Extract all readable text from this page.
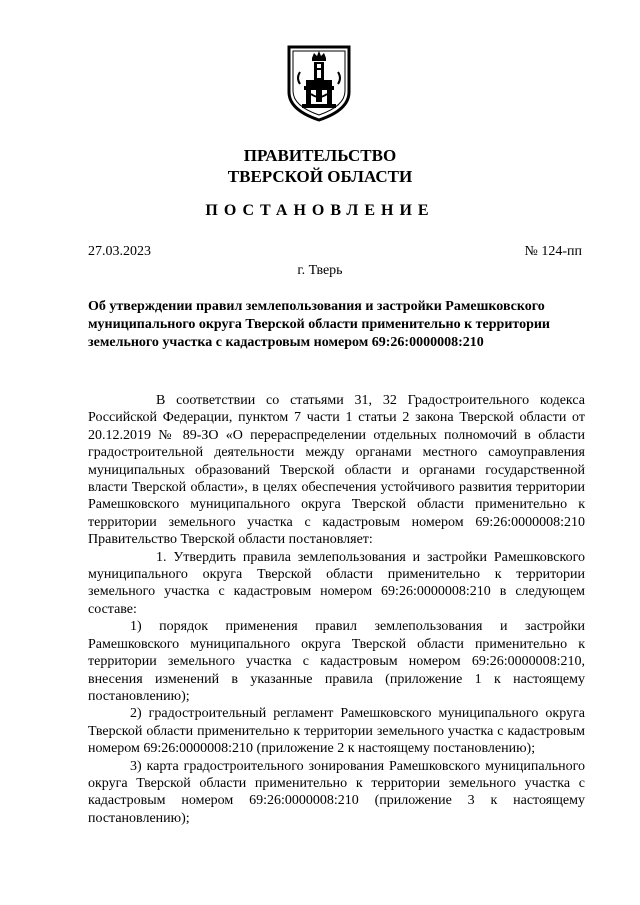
ПРАВИТЕЛЬСТВО
ТВЕРСКОЙ ОБЛАСТИ
ПОСТАНОВЛЕНИЕ
27.03.2023	№ 124-пп
г. Тверь
Об утверждении правил землепользования и застройки Рамешковского муниципального округа Тверской области применительно к территории земельного участка с кадастровым номером 69:26:0000008:210

В соответствии со статьями 31, 32 Градостроительного кодекса Российской Федерации, пунктом 7 части 1 статьи 2 закона Тверской области от 20.12.2019 № 89-ЗО «О перераспределении отдельных полномочий в области градостроительной деятельности между органами местного самоуправления муниципальных образований Тверской области и органами государственной власти Тверской области», в целях обеспечения устойчивого развития территории Рамешковского муниципального округа Тверской области применительно к территории земельного участка с кадастровым номером 69:26:0000008:210 Правительство Тверской области постановляет:

1. Утвердить правила землепользования и застройки Рамешковского муниципального округа Тверской области применительно к территории земельного участка с кадастровым номером 69:26:0000008:210 в следующем составе:

1) порядок применения правил землепользования и застройки Рамешковского муниципального округа Тверской области применительно к территории земельного участка с кадастровым номером 69:26:0000008:210, внесения изменений в указанные правила (приложение 1 к настоящему постановлению);

2) градостроительный регламент Рамешковского муниципального округа Тверской области применительно к территории земельного участка с кадастровым номером 69:26:0000008:210 (приложение 2 к настоящему постановлению);

3) карта градостроительного зонирования Рамешковского муниципального округа Тверской области применительно к территории земельного участка с кадастровым номером 69:26:0000008:210 (приложение 3 к настоящему постановлению);
